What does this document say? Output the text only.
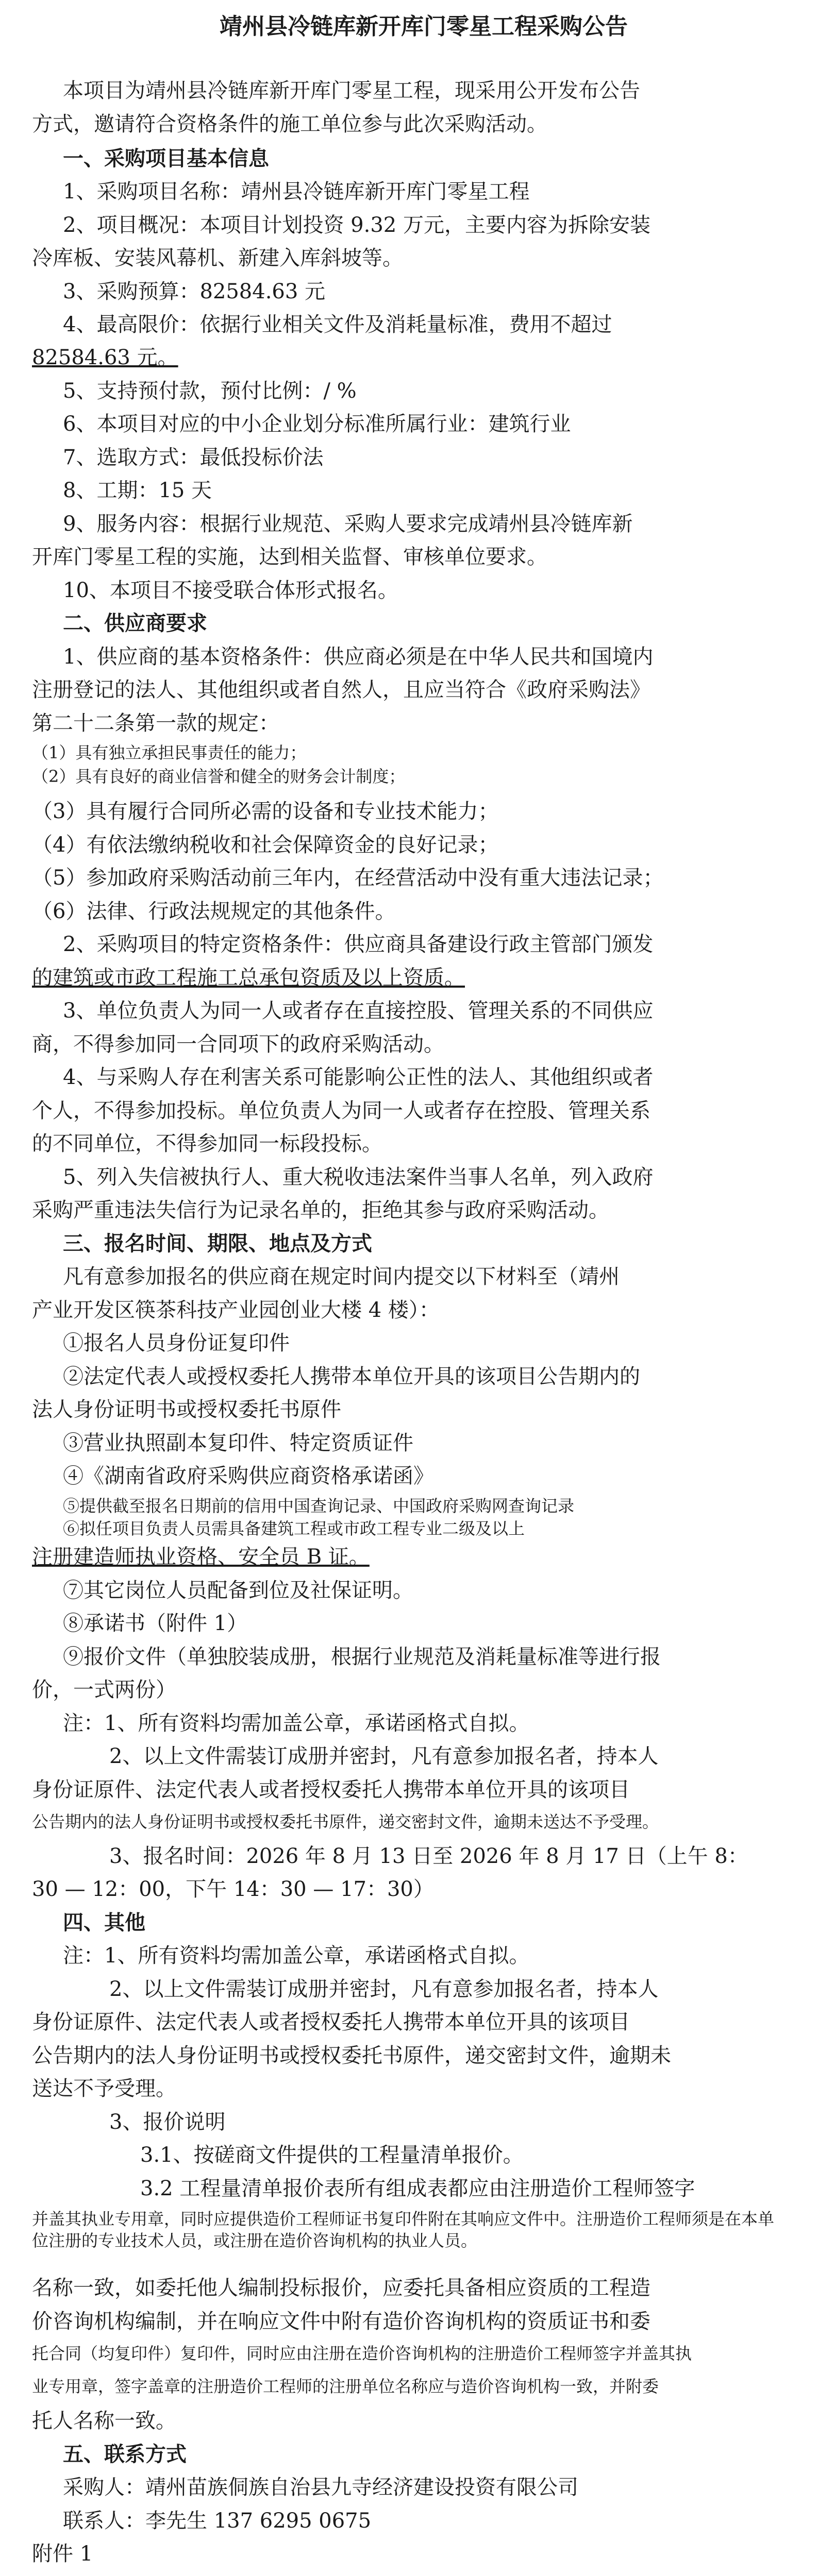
靖州县冷链库新开库门零星工程采购公告
本项目为靖州县冷链库新开库门零星工程，现采用公开发布公告
方式，邀请符合资格条件的施工单位参与此次采购活动。
一、采购项目基本信息
1、采购项目名称：靖州县冷链库新开库门零星工程
2、项目概况：本项目计划投资 9.32 万元，主要内容为拆除安装
冷库板、安装风幕机、新建入库斜坡等。
3、采购预算：82584.63 元
4、最高限价：依据行业相关文件及消耗量标准，费用不超过
82584.63 元。
5、支持预付款，预付比例：/ %
6、本项目对应的中小企业划分标准所属行业：建筑行业
7、选取方式：最低投标价法
8、工期：15 天
9、服务内容：根据行业规范、采购人要求完成靖州县冷链库新
开库门零星工程的实施，达到相关监督、审核单位要求。
10、本项目不接受联合体形式报名。
二、供应商要求
1、供应商的基本资格条件：供应商必须是在中华人民共和国境内
注册登记的法人、其他组织或者自然人，且应当符合《政府采购法》
第二十二条第一款的规定：
（1）具有独立承担民事责任的能力；
（2）具有良好的商业信誉和健全的财务会计制度；
（3）具有履行合同所必需的设备和专业技术能力；
（4）有依法缴纳税收和社会保障资金的良好记录；
（5）参加政府采购活动前三年内，在经营活动中没有重大违法记录；
（6）法律、行政法规规定的其他条件。
2、采购项目的特定资格条件：供应商具备建设行政主管部门颁发
的建筑或市政工程施工总承包资质及以上资质。
3、单位负责人为同一人或者存在直接控股、管理关系的不同供应
商，不得参加同一合同项下的政府采购活动。
4、与采购人存在利害关系可能影响公正性的法人、其他组织或者
个人，不得参加投标。单位负责人为同一人或者存在控股、管理关系
的不同单位，不得参加同一标段投标。
5、列入失信被执行人、重大税收违法案件当事人名单，列入政府
采购严重违法失信行为记录名单的，拒绝其参与政府采购活动。
三、报名时间、期限、地点及方式
凡有意参加报名的供应商在规定时间内提交以下材料至（靖州
产业开发区筷茶科技产业园创业大楼 4 楼）：
①报名人员身份证复印件
②法定代表人或授权委托人携带本单位开具的该项目公告期内的
法人身份证明书或授权委托书原件
③营业执照副本复印件、特定资质证件
④《湖南省政府采购供应商资格承诺函》
⑤提供截至报名日期前的信用中国查询记录、中国政府采购网查询记录
⑥拟任项目负责人员需具备建筑工程或市政工程专业二级及以上
注册建造师执业资格、安全员 B 证。
⑦其它岗位人员配备到位及社保证明。
⑧承诺书（附件 1）
⑨报价文件（单独胶装成册，根据行业规范及消耗量标准等进行报
价，一式两份）
注：1、所有资料均需加盖公章，承诺函格式自拟。
2、以上文件需装订成册并密封，凡有意参加报名者，持本人
身份证原件、法定代表人或者授权委托人携带本单位开具的该项目
公告期内的法人身份证明书或授权委托书原件，递交密封文件，逾期未送达不予受理。
3、报名时间：2026 年 8 月 13 日至 2026 年 8 月 17 日（上午 8：
30 — 12：00，下午 14：30 — 17：30）
四、其他
注：1、所有资料均需加盖公章，承诺函格式自拟。
2、以上文件需装订成册并密封，凡有意参加报名者，持本人
身份证原件、法定代表人或者授权委托人携带本单位开具的该项目
公告期内的法人身份证明书或授权委托书原件，递交密封文件，逾期未
送达不予受理。
3、报价说明
3.1、按磋商文件提供的工程量清单报价。
3.2 工程量清单报价表所有组成表都应由注册造价工程师签字
并盖其执业专用章，同时应提供造价工程师证书复印件附在其响应文件中。注册造价工程师须是在本单位注册的专业技术人员，或注册在造价咨询机构的执业人员。
名称一致，如委托他人编制投标报价，应委托具备相应资质的工程造
价咨询机构编制，并在响应文件中附有造价咨询机构的资质证书和委
托合同（均复印件）复印件，同时应由注册在造价咨询机构的注册造价工程师签字并盖其执
业专用章，签字盖章的注册造价工程师的注册单位名称应与造价咨询机构一致，并附委
托人名称一致。
五、联系方式
采购人：靖州苗族侗族自治县九寺经济建设投资有限公司
联系人：李先生 137 6295 0675
附件 1
